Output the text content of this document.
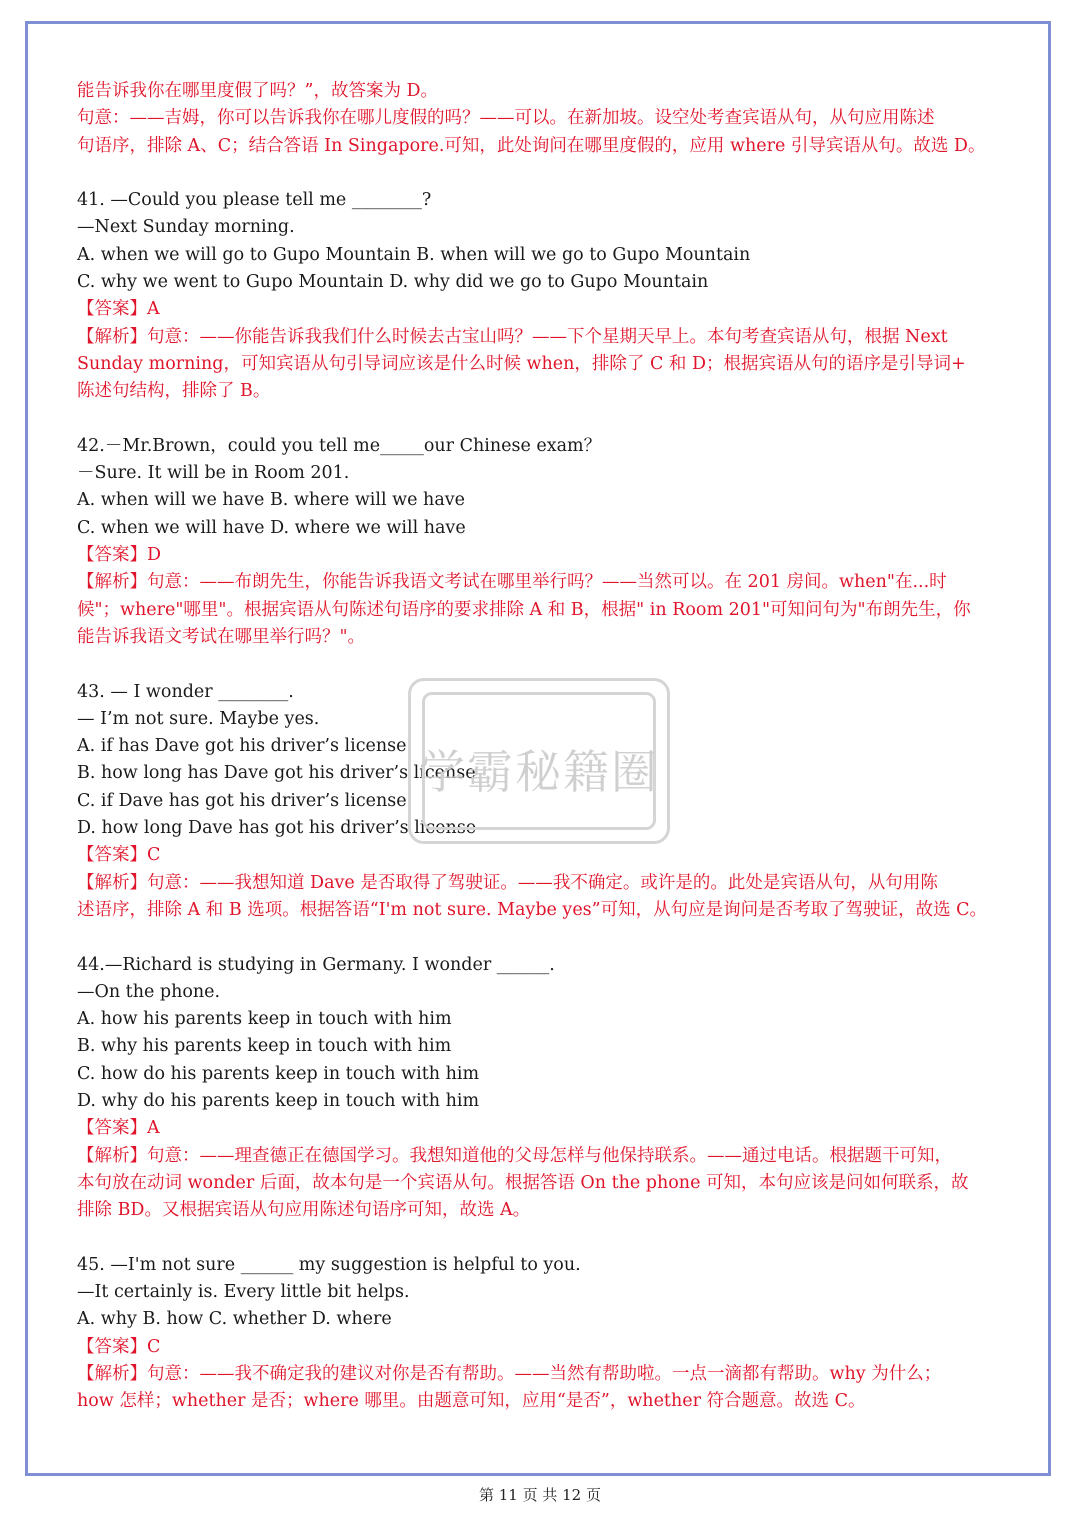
能告诉我你在哪里度假了吗？”，故答案为 D。
句意：——吉姆，你可以告诉我你在哪儿度假的吗？——可以。在新加坡。设空处考查宾语从句，从句应用陈述
句语序，排除 A、C；结合答语 In Singapore.可知，此处询问在哪里度假的，应用 where 引导宾语从句。故选 D。
41. —Could you please tell me ________?
—Next Sunday morning.
A. when we will go to Gupo Mountain B. when will we go to Gupo Mountain
C. why we went to Gupo Mountain D. why did we go to Gupo Mountain
【答案】A
【解析】句意：——你能告诉我我们什么时候去古宝山吗？——下个星期天早上。本句考查宾语从句，根据 Next
Sunday morning，可知宾语从句引导词应该是什么时候 when，排除了 C 和 D；根据宾语从句的语序是引导词+
陈述句结构，排除了 B。
42.－Mr.Brown，could you tell me_____our Chinese exam？
－Sure. It will be in Room 201.
A. when will we have B. where will we have
C. when we will have D. where we will have
【答案】D
【解析】句意：——布朗先生，你能告诉我语文考试在哪里举行吗？——当然可以。在 201 房间。when"在...时
候"；where"哪里"。根据宾语从句陈述句语序的要求排除 A 和 B，根据" in Room 201"可知问句为"布朗先生，你
能告诉我语文考试在哪里举行吗？"。
43. — I wonder ________.
— I’m not sure. Maybe yes.
A. if has Dave got his driver’s license
B. how long has Dave got his driver’s license
C. if Dave has got his driver’s license
D. how long Dave has got his driver’s license
【答案】C
【解析】句意：——我想知道 Dave 是否取得了驾驶证。——我不确定。或许是的。此处是宾语从句，从句用陈
述语序，排除 A 和 B 选项。根据答语“I'm not sure. Maybe yes”可知，从句应是询问是否考取了驾驶证，故选 C。
44.—Richard is studying in Germany. I wonder ______.
—On the phone.
A. how his parents keep in touch with him
B. why his parents keep in touch with him
C. how do his parents keep in touch with him
D. why do his parents keep in touch with him
【答案】A
【解析】句意：——理查德正在德国学习。我想知道他的父母怎样与他保持联系。——通过电话。根据题干可知，
本句放在动词 wonder 后面，故本句是一个宾语从句。根据答语 On the phone 可知，本句应该是问如何联系，故
排除 BD。又根据宾语从句应用陈述句语序可知，故选 A。
45. —I'm not sure ______ my suggestion is helpful to you.
—It certainly is. Every little bit helps.
A. why B. how C. whether D. where
【答案】C
【解析】句意：——我不确定我的建议对你是否有帮助。——当然有帮助啦。一点一滴都有帮助。why 为什么；
how 怎样；whether 是否；where 哪里。由题意可知，应用“是否”，whether 符合题意。故选 C。
学霸秘籍圈
第 11 页 共 12 页
